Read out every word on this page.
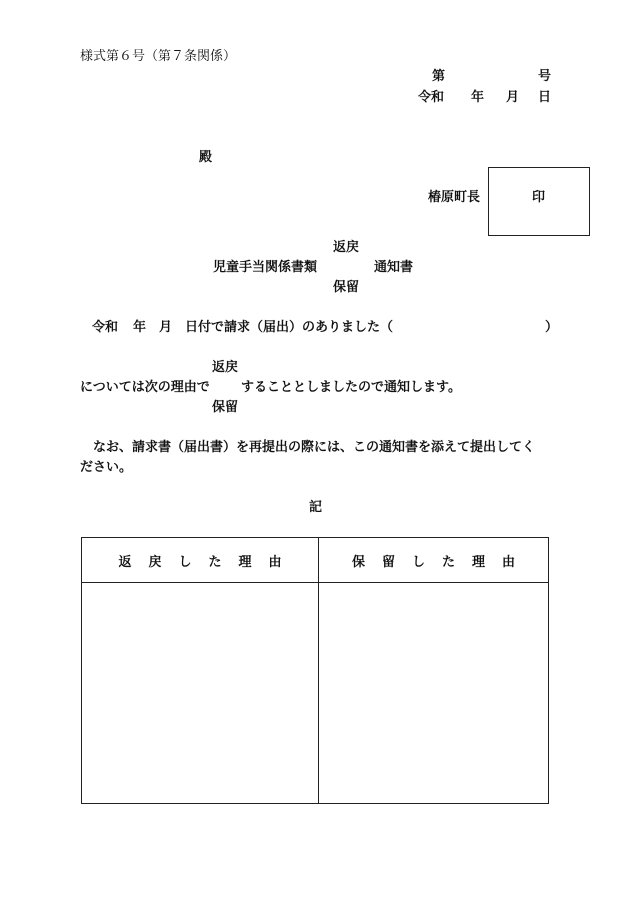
様式第６号（第７条関係）
第	号
令和 年 月 日
殿
椿原町長	印
返戻
児童手当関係書類	通知書
保留
令和 年 月 日付で請求（届出）のありました（	）
返戻
については次の理由で することとしましたので通知します。
保留
なお、請求書（届出書）を再提出の際には、この通知書を添えて提出してく
ださい。
記
返戻した理由	保留した理由
